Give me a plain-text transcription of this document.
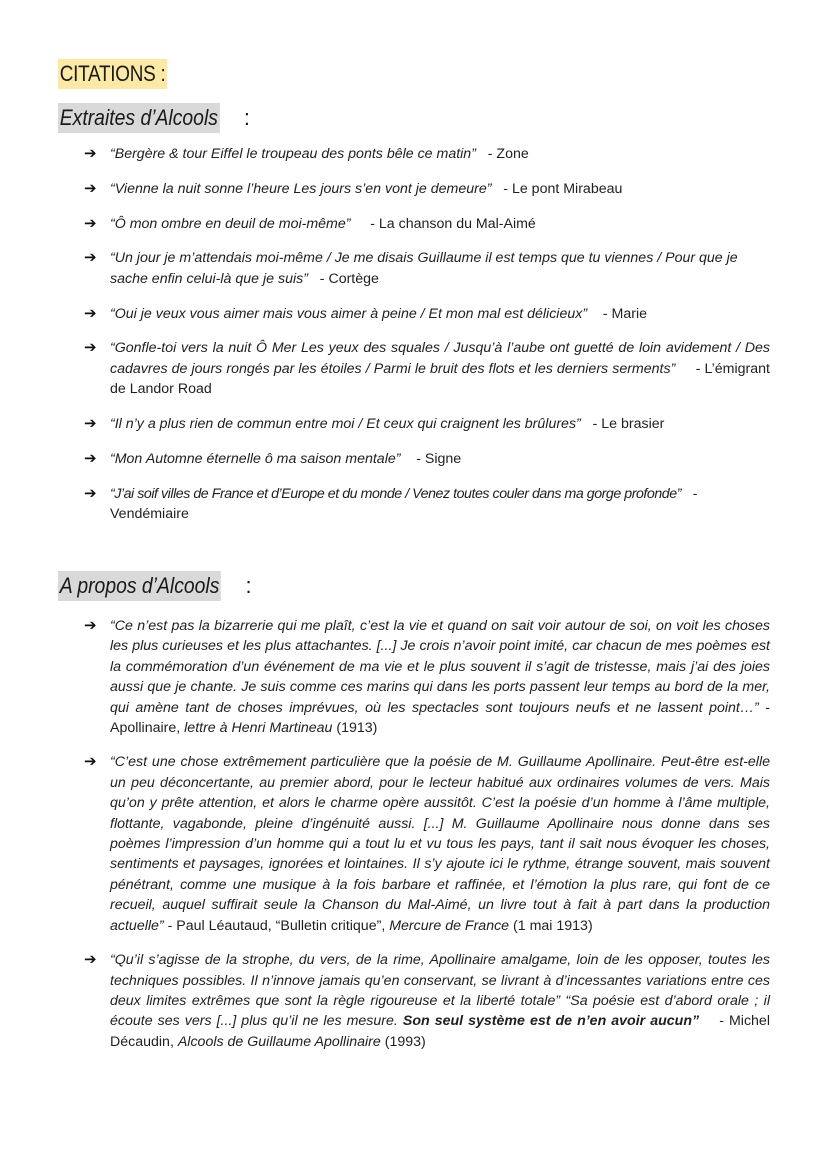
CITATIONS :
Extraites d’Alcools :
➔ “Bergère & tour Eiffel le troupeau des ponts bêle ce matin” - Zone
➔ “Vienne la nuit sonne l’heure Les jours s’en vont je demeure” - Le pont Mirabeau
➔ “Ô mon ombre en deuil de moi-même” - La chanson du Mal-Aimé
➔ “Un jour je m’attendais moi-même / Je me disais Guillaume il est temps que tu viennes / Pour que je sache enfin celui-là que je suis” - Cortège
➔ “Oui je veux vous aimer mais vous aimer à peine / Et mon mal est délicieux” - Marie
➔ “Gonfle-toi vers la nuit Ô Mer Les yeux des squales / Jusqu’à l’aube ont guetté de loin avidement / Des cadavres de jours rongés par les étoiles / Parmi le bruit des flots et les derniers serments” - L’émigrant de Landor Road
➔ “Il n’y a plus rien de commun entre moi / Et ceux qui craignent les brûlures” - Le brasier
➔ “Mon Automne éternelle ô ma saison mentale” - Signe
➔ “J’ai soif villes de France et d’Europe et du monde / Venez toutes couler dans ma gorge profonde” - Vendémiaire
A propos d’Alcools :
➔ “Ce n’est pas la bizarrerie qui me plaît, c’est la vie et quand on sait voir autour de soi, on voit les choses les plus curieuses et les plus attachantes. [...] Je crois n’avoir point imité, car chacun de mes poèmes est la commémoration d’un événement de ma vie et le plus souvent il s’agit de tristesse, mais j’ai des joies aussi que je chante. Je suis comme ces marins qui dans les ports passent leur temps au bord de la mer, qui amène tant de choses imprévues, où les spectacles sont toujours neufs et ne lassent point…” - Apollinaire, lettre à Henri Martineau (1913)
➔ “C’est une chose extrêmement particulière que la poésie de M. Guillaume Apollinaire. Peut-être est-elle un peu déconcertante, au premier abord, pour le lecteur habitué aux ordinaires volumes de vers. Mais qu’on y prête attention, et alors le charme opère aussitôt. C’est la poésie d’un homme à l’âme multiple, flottante, vagabonde, pleine d’ingénuité aussi. [...] M. Guillaume Apollinaire nous donne dans ses poèmes l’impression d’un homme qui a tout lu et vu tous les pays, tant il sait nous évoquer les choses, sentiments et paysages, ignorées et lointaines. Il s’y ajoute ici le rythme, étrange souvent, mais souvent pénétrant, comme une musique à la fois barbare et raffinée, et l’émotion la plus rare, qui font de ce recueil, auquel suffirait seule la Chanson du Mal-Aimé, un livre tout à fait à part dans la production actuelle” - Paul Léautaud, “Bulletin critique”, Mercure de France (1 mai 1913)
➔ “Qu’il s’agisse de la strophe, du vers, de la rime, Apollinaire amalgame, loin de les opposer, toutes les techniques possibles. Il n’innove jamais qu’en conservant, se livrant à d’incessantes variations entre ces deux limites extrêmes que sont la règle rigoureuse et la liberté totale” “Sa poésie est d’abord orale ; il écoute ses vers [...] plus qu’il ne les mesure. Son seul système est de n’en avoir aucun” - Michel Décaudin, Alcools de Guillaume Apollinaire (1993)
